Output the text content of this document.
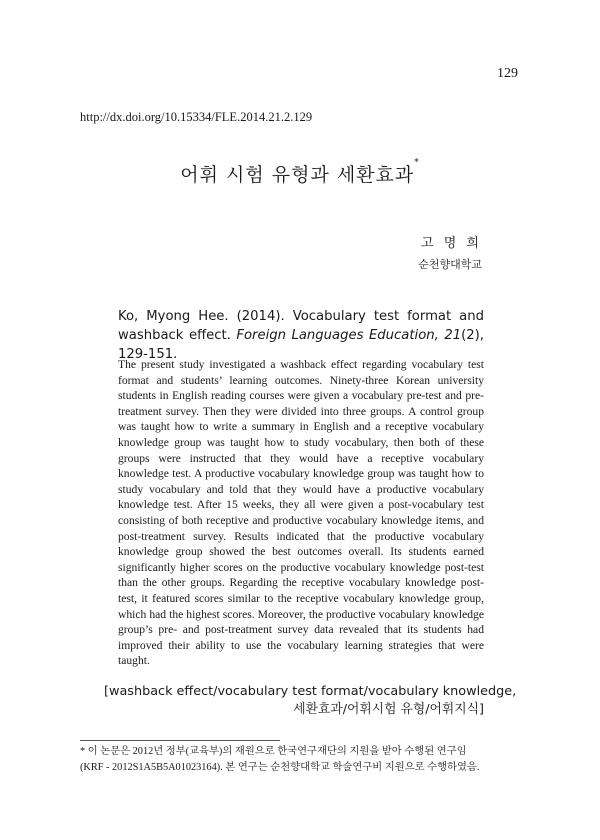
129
http://dx.doi.org/10.15334/FLE.2014.21.2.129
어휘 시험 유형과 세환효과*
고 명 희
순천향대학교
Ko, Myong Hee. (2014). Vocabulary test format and washback effect. Foreign Languages Education, 21(2), 129-151.
The present study investigated a washback effect regarding vocabulary test format and students’ learning outcomes. Ninety-three Korean university students in English reading courses were given a vocabulary pre-test and pre-treatment survey. Then they were divided into three groups. A control group was taught how to write a summary in English and a receptive vocabulary knowledge group was taught how to study vocabulary, then both of these groups were instructed that they would have a receptive vocabulary knowledge test. A productive vocabulary knowledge group was taught how to study vocabulary and told that they would have a productive vocabulary knowledge test. After 15 weeks, they all were given a post-vocabulary test consisting of both receptive and productive vocabulary knowledge items, and post-treatment survey. Results indicated that the productive vocabulary knowledge group showed the best outcomes overall. Its students earned significantly higher scores on the productive vocabulary knowledge post-test than the other groups. Regarding the receptive vocabulary knowledge post-test, it featured scores similar to the receptive vocabulary knowledge group, which had the highest scores. Moreover, the productive vocabulary knowledge group’s pre- and post-treatment survey data revealed that its students had improved their ability to use the vocabulary learning strategies that were taught.
[washback effect/vocabulary test format/vocabulary knowledge,
세환효과/어휘시험 유형/어휘지식]
* 이 논문은 2012년 정부(교육부)의 재원으로 한국연구재단의 지원을 받아 수행된 연구임
(KRF - 2012S1A5B5A01023164). 본 연구는 순천향대학교 학술연구비 지원으로 수행하였음.
